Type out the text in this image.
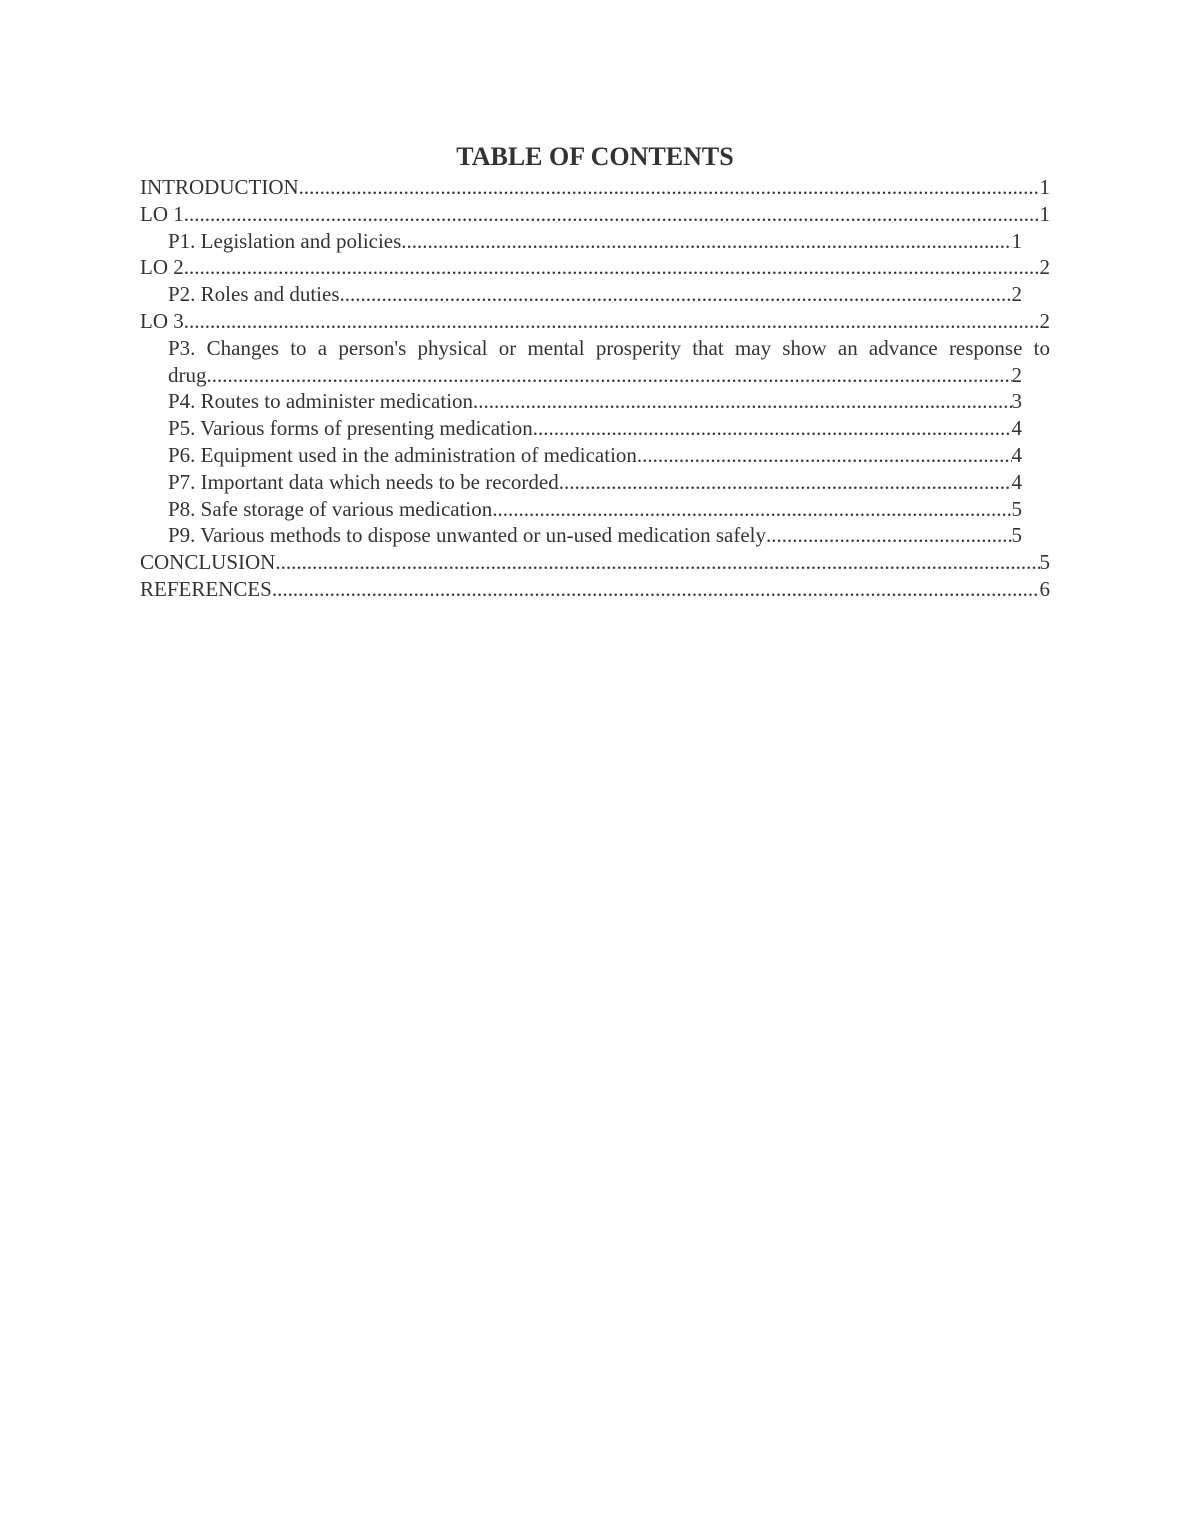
TABLE OF CONTENTS
INTRODUCTION .....	1
LO 1 .....	1
P1. Legislation and policies .....	1
LO 2 .....	2
P2. Roles and duties .....	2
LO 3 .....	2
P3. Changes to a person's physical or mental prosperity that may show an advance response to
drug .....	2
P4. Routes to administer medication .....	3
P5. Various forms of presenting medication .....	4
P6. Equipment used in the administration of medication .....	4
P7. Important data which needs to be recorded .....	4
P8. Safe storage of various medication .....	5
P9. Various methods to dispose unwanted or un-used medication safely .....	5
CONCLUSION .....	5
REFERENCES .....	6
